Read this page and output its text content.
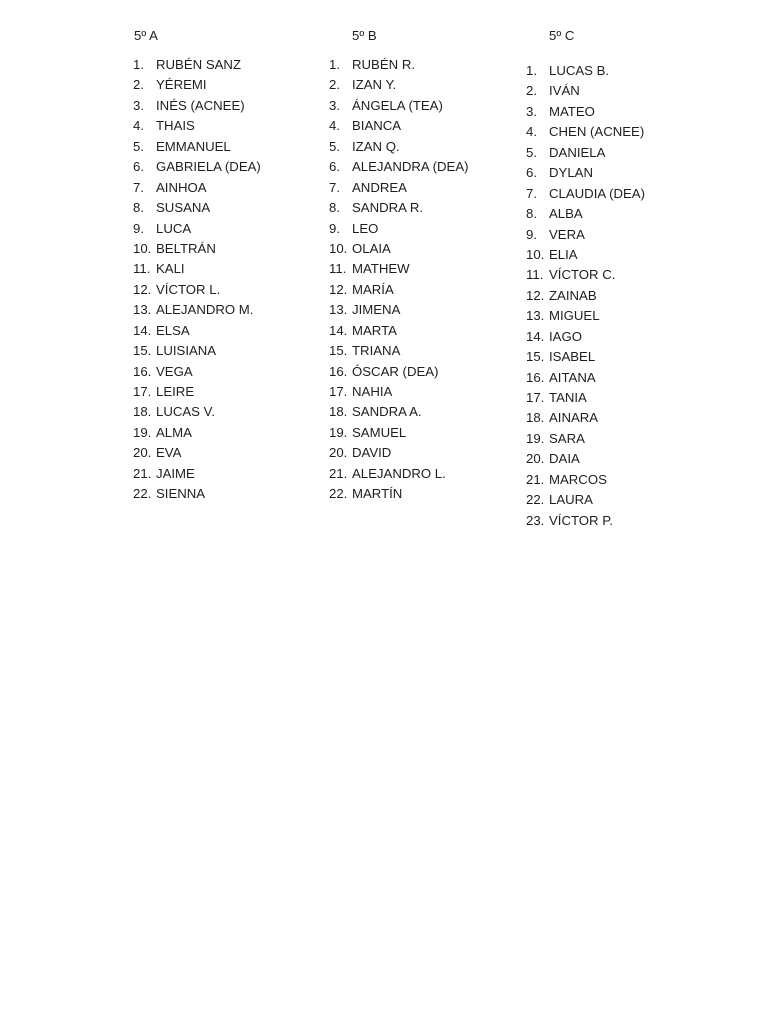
5º A
1. RUBÉN SANZ
2. YÉREMI
3. INÉS (ACNEE)
4. THAIS
5. EMMANUEL
6. GABRIELA (DEA)
7. AINHOA
8. SUSANA
9. LUCA
10. BELTRÁN
11. KALI
12. VÍCTOR L.
13. ALEJANDRO M.
14. ELSA
15. LUISIANA
16. VEGA
17. LEIRE
18. LUCAS V.
19. ALMA
20. EVA
21. JAIME
22. SIENNA
5º B
1. RUBÉN R.
2. IZAN Y.
3. ÁNGELA (TEA)
4. BIANCA
5. IZAN Q.
6. ALEJANDRA (DEA)
7. ANDREA
8. SANDRA R.
9. LEO
10. OLAIA
11. MATHEW
12. MARÍA
13. JIMENA
14. MARTA
15. TRIANA
16. ÓSCAR (DEA)
17. NAHIA
18. SANDRA A.
19. SAMUEL
20. DAVID
21. ALEJANDRO L.
22. MARTÍN
5º C
1. LUCAS B.
2. IVÁN
3. MATEO
4. CHEN (ACNEE)
5. DANIELA
6. DYLAN
7. CLAUDIA (DEA)
8. ALBA
9. VERA
10. ELIA
11. VÍCTOR C.
12. ZAINAB
13. MIGUEL
14. IAGO
15. ISABEL
16. AITANA
17. TANIA
18. AINARA
19. SARA
20. DAIA
21. MARCOS
22. LAURA
23. VÍCTOR P.
